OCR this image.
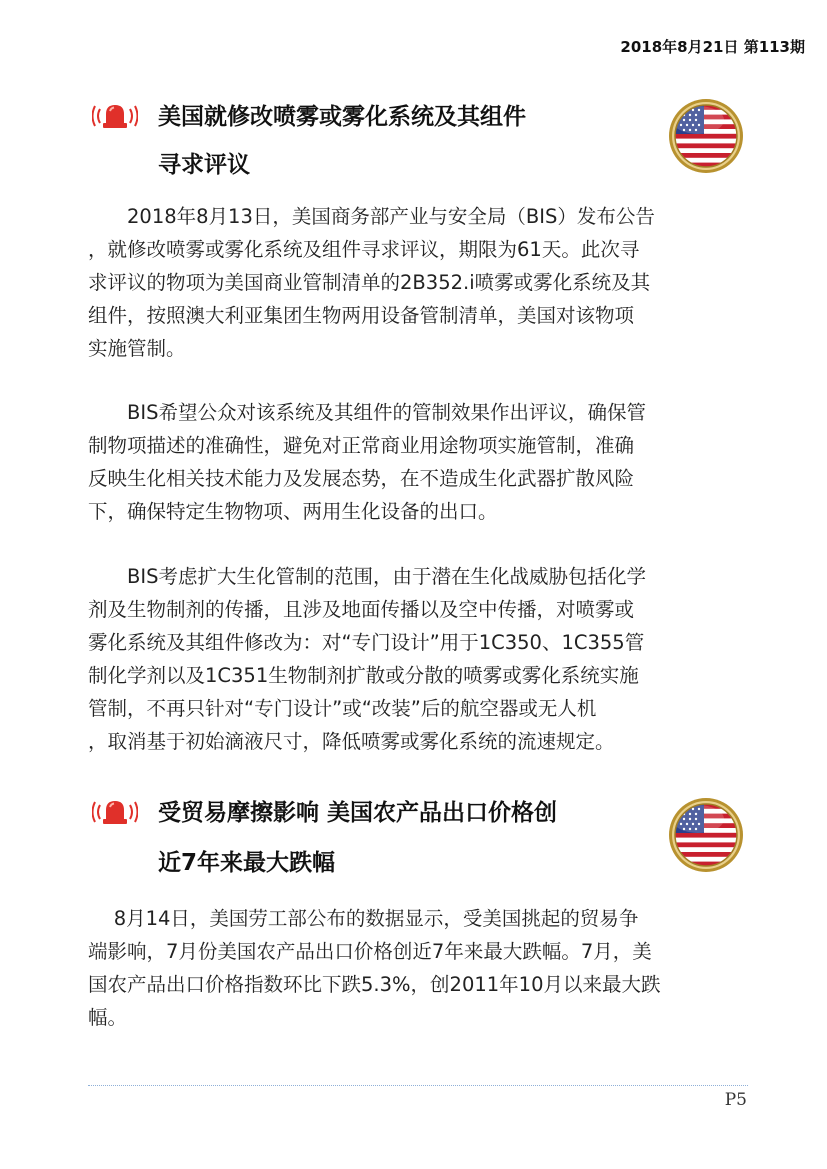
2018年8月21日 第113期
美国就修改喷雾或雾化系统及其组件
寻求评议

　　2018年8月13日，美国商务部产业与安全局（BIS）发布公告
，就修改喷雾或雾化系统及组件寻求评议，期限为61天。此次寻
求评议的物项为美国商业管制清单的2B352.i喷雾或雾化系统及其
组件，按照澳大利亚集团生物两用设备管制清单，美国对该物项
实施管制。

　　BIS希望公众对该系统及其组件的管制效果作出评议，确保管
制物项描述的准确性，避免对正常商业用途物项实施管制，准确
反映生化相关技术能力及发展态势，在不造成生化武器扩散风险
下，确保特定生物物项、两用生化设备的出口。

　　BIS考虑扩大生化管制的范围，由于潜在生化战威胁包括化学
剂及生物制剂的传播，且涉及地面传播以及空中传播，对喷雾或
雾化系统及其组件修改为：对“专门设计”用于1C350、1C355管
制化学剂以及1C351生物制剂扩散或分散的喷雾或雾化系统实施
管制，不再只针对“专门设计”或“改装”后的航空器或无人机
，取消基于初始滴液尺寸，降低喷雾或雾化系统的流速规定。

受贸易摩擦影响 美国农产品出口价格创
近7年来最大跌幅

　 8月14日，美国劳工部公布的数据显示，受美国挑起的贸易争
端影响，7月份美国农产品出口价格创近7年来最大跌幅。7月，美
国农产品出口价格指数环比下跌5.3%，创2011年10月以来最大跌
幅。

P5
